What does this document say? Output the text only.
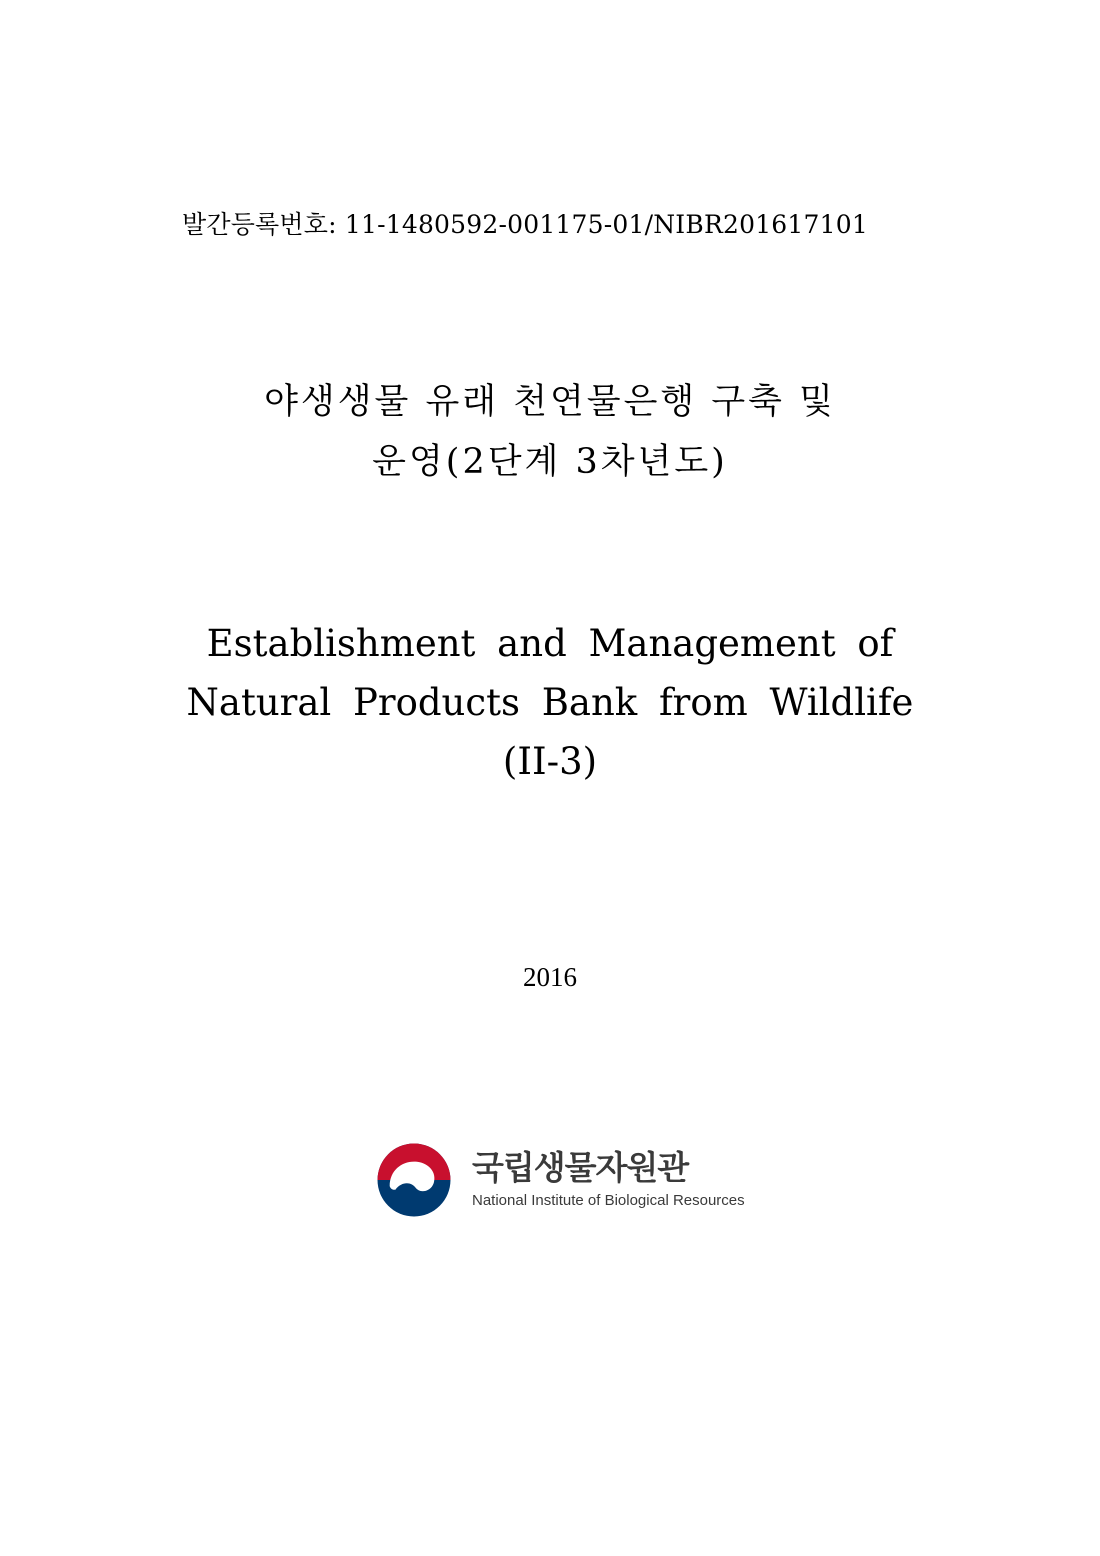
발간등록번호: 11-1480592-001175-01/NIBR201617101
야생생물 유래 천연물은행 구축 및
운영(2단계 3차년도)
Establishment and Management of
Natural Products Bank from Wildlife
(II-3)
2016
국립생물자원관
National Institute of Biological Resources
